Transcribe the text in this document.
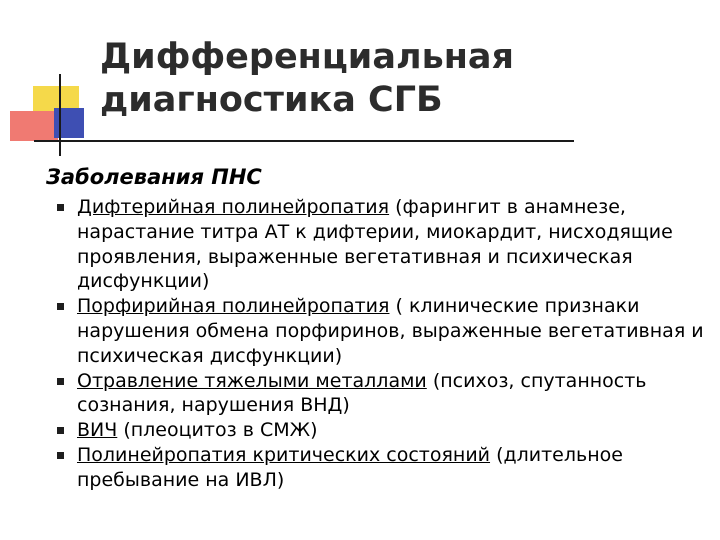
Дифференциальная
диагностика СГБ
Заболевания ПНС
Дифтерийная полинейропатия (фарингит в анамнезе, нарастание титра АТ к дифтерии, миокардит, нисходящие проявления, выраженные вегетативная и психическая дисфункции)
Порфирийная полинейропатия ( клинические признаки нарушения обмена порфиринов, выраженные вегетативная и психическая дисфункции)
Отравление тяжелыми металлами (психоз, спутанность сознания, нарушения ВНД)
ВИЧ (плеоцитоз в СМЖ)
Полинейропатия критических состояний (длительное пребывание на ИВЛ)
